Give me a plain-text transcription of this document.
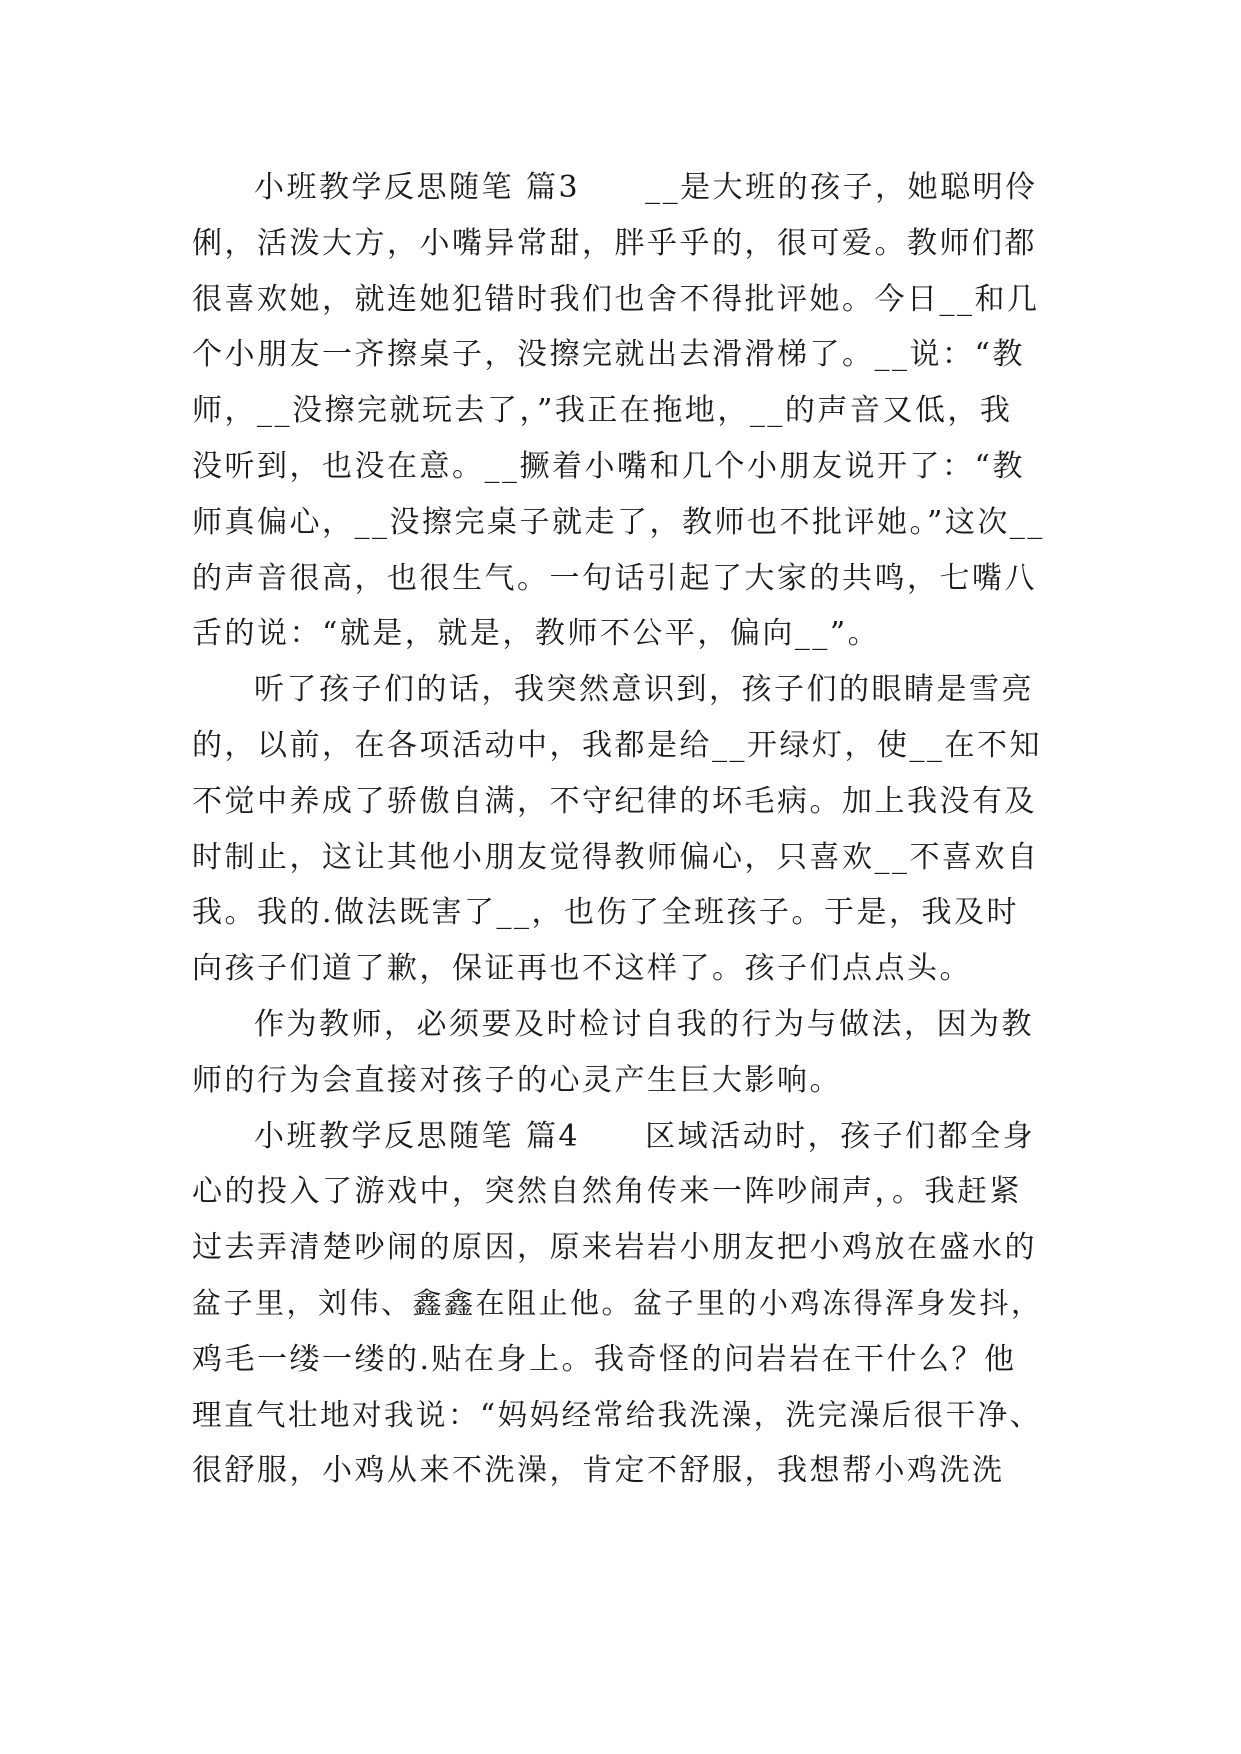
小班教学反思随笔 篇3　　__是大班的孩子，她聪明伶
俐，活泼大方，小嘴异常甜，胖乎乎的，很可爱。教师们都
很喜欢她，就连她犯错时我们也舍不得批评她。今日__和几
个小朋友一齐擦桌子，没擦完就出去滑滑梯了。__说：“教
师，__没擦完就玩去了，”我正在拖地，__的声音又低，我
没听到，也没在意。__撅着小嘴和几个小朋友说开了：“教
师真偏心，__没擦完桌子就走了，教师也不批评她。”这次__
的声音很高，也很生气。一句话引起了大家的共鸣，七嘴八
舌的说：“就是，就是，教师不公平，偏向__”。
听了孩子们的话，我突然意识到，孩子们的眼睛是雪亮
的，以前，在各项活动中，我都是给__开绿灯，使__在不知
不觉中养成了骄傲自满，不守纪律的坏毛病。加上我没有及
时制止，这让其他小朋友觉得教师偏心，只喜欢__不喜欢自
我。我的.做法既害了__，也伤了全班孩子。于是，我及时
向孩子们道了歉，保证再也不这样了。孩子们点点头。
作为教师，必须要及时检讨自我的行为与做法，因为教
师的行为会直接对孩子的心灵产生巨大影响。
小班教学反思随笔 篇4　　区域活动时，孩子们都全身
心的投入了游戏中，突然自然角传来一阵吵闹声，。我赶紧
过去弄清楚吵闹的原因，原来岩岩小朋友把小鸡放在盛水的
盆子里，刘伟、鑫鑫在阻止他。盆子里的小鸡冻得浑身发抖，
鸡毛一缕一缕的.贴在身上。我奇怪的问岩岩在干什么？他
理直气壮地对我说：“妈妈经常给我洗澡，洗完澡后很干净、
很舒服，小鸡从来不洗澡，肯定不舒服，我想帮小鸡洗洗
